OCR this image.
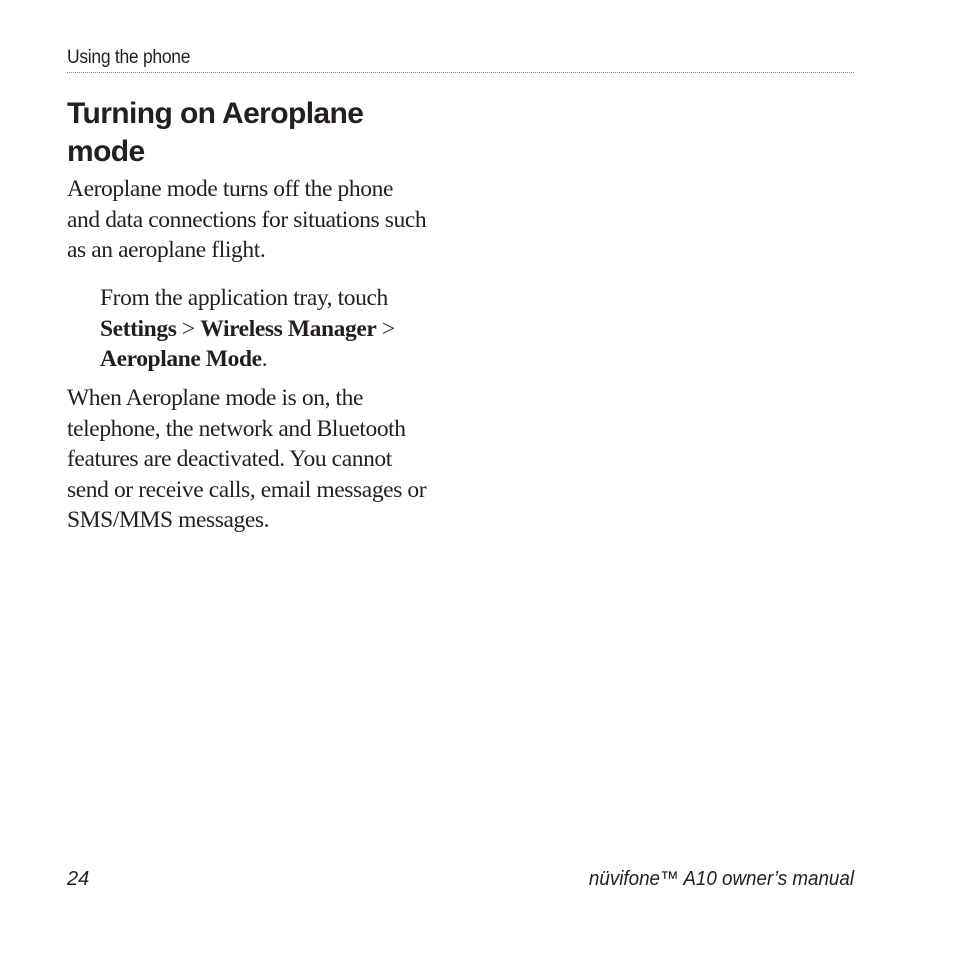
Using the phone
Turning on Aeroplane mode

Aeroplane mode turns off the phone and data connections for situations such as an aeroplane flight.

From the application tray, touch Settings > Wireless Manager > Aeroplane Mode.

When Aeroplane mode is on, the telephone, the network and Bluetooth features are deactivated. You cannot send or receive calls, email messages or SMS/MMS messages.

24	nüvifone™ A10 owner’s manual
